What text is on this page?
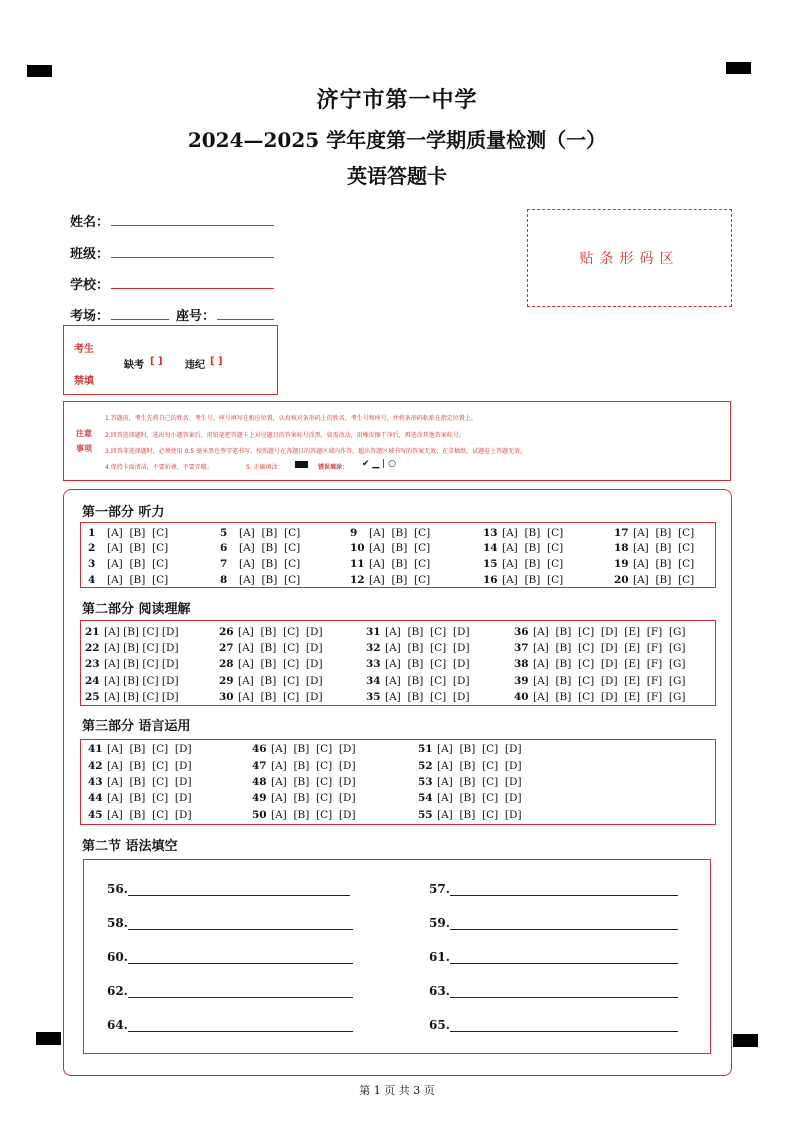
济宁市第一中学
2024—2025 学年度第一学期质量检测（一）
英语答题卡
姓名：
班级：
学校：
考场：	座号：
贴条形码区
考生
禁填
缺考 [ ] 违纪 [ ]
注意
事项
1.答题前，考生先将自己的姓名、考生号、座号填写在相应位置，认真核对条形码上的姓名、考生号和座号，并将条形码粘贴在指定位置上。
2.回答选择题时，选出每小题答案后，用铅笔把答题卡上对应题目的答案标号涂黑。如需改动，用橡皮擦干净后，再选涂其他答案标号。
3.回答非选择题时，必须使用 0.5 毫米黑色签字笔书写，按照题号在各题目的答题区域内作答，超出答题区域书写的答案无效；在草稿纸、试题卷上答题无效。
4.保持卡面清洁，不要折叠、不要弄破。	5. 正确填涂：	错误填涂： ✔ ▁ | ○
第一部分 听力
1 [A]  [B]  [C]
2 [A]  [B]  [C]
3 [A]  [B]  [C]
4 [A]  [B]  [C]
5 [A]  [B]  [C]
6 [A]  [B]  [C]
7 [A]  [B]  [C]
8 [A]  [B]  [C]
9 [A]  [B]  [C]
10 [A]  [B]  [C]
11 [A]  [B]  [C]
12 [A]  [B]  [C]
13 [A]  [B]  [C]
14 [A]  [B]  [C]
15 [A]  [B]  [C]
16 [A]  [B]  [C]
17 [A]  [B]  [C]
18 [A]  [B]  [C]
19 [A]  [B]  [C]
20 [A]  [B]  [C]
第二部分 阅读理解
21 [A] [B] [C] [D]
22 [A] [B] [C] [D]
23 [A] [B] [C] [D]
24 [A] [B] [C] [D]
25 [A] [B] [C] [D]
26 [A]  [B]  [C]  [D]
27 [A]  [B]  [C]  [D]
28 [A]  [B]  [C]  [D]
29 [A]  [B]  [C]  [D]
30 [A]  [B]  [C]  [D]
31 [A]  [B]  [C]  [D]
32 [A]  [B]  [C]  [D]
33 [A]  [B]  [C]  [D]
34 [A]  [B]  [C]  [D]
35 [A]  [B]  [C]  [D]
36 [A]  [B]  [C]  [D]  [E]  [F]  [G]
37 [A]  [B]  [C]  [D]  [E]  [F]  [G]
38 [A]  [B]  [C]  [D]  [E]  [F]  [G]
39 [A]  [B]  [C]  [D]  [E]  [F]  [G]
40 [A]  [B]  [C]  [D]  [E]  [F]  [G]
第三部分 语言运用
41 [A]  [B]  [C]  [D]
42 [A]  [B]  [C]  [D]
43 [A]  [B]  [C]  [D]
44 [A]  [B]  [C]  [D]
45 [A]  [B]  [C]  [D]
46 [A]  [B]  [C]  [D]
47 [A]  [B]  [C]  [D]
48 [A]  [B]  [C]  [D]
49 [A]  [B]  [C]  [D]
50 [A]  [B]  [C]  [D]
51 [A]  [B]  [C]  [D]
52 [A]  [B]  [C]  [D]
53 [A]  [B]  [C]  [D]
54 [A]  [B]  [C]  [D]
55 [A]  [B]  [C]  [D]
第二节 语法填空
56.	57.
58.	59.
60.	61.
62.	63.
64.	65.
第 1 页 共 3 页
